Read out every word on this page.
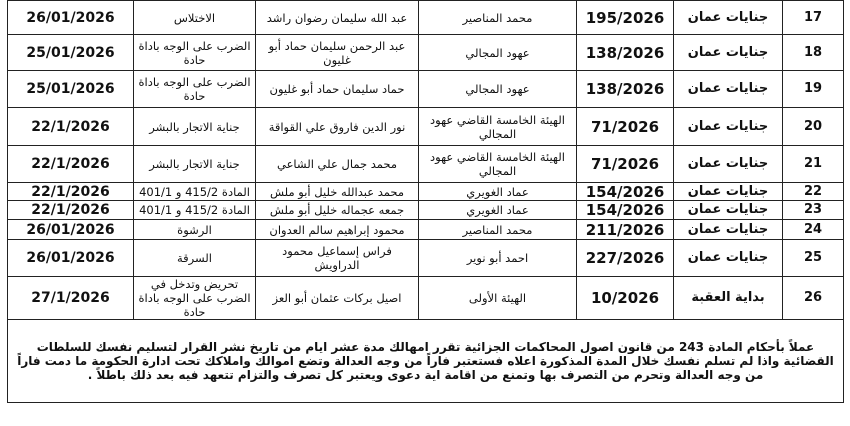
17	جنايات عمان	195/2026	محمد المناصير	عبد الله سليمان رضوان راشد	الاختلاس	26/01/2026
18	جنايات عمان	138/2026	عهود المجالي	عبد الرحمن سليمان حماد أبو غليون	الضرب على الوجه باداة حادة	25/01/2026
19	جنايات عمان	138/2026	عهود المجالي	حماد سليمان حماد أبو غليون	الضرب على الوجه باداة حادة	25/01/2026
20	جنايات عمان	71/2026	الهيئة الخامسة القاضي عهود المجالي	نور الدين فاروق علي القواقة	جناية الاتجار بالبشر	22/1/2026
21	جنايات عمان	71/2026	الهيئة الخامسة القاضي عهود المجالي	محمد جمال علي الشاعي	جناية الاتجار بالبشر	22/1/2026
22	جنايات عمان	154/2026	عماد الغويري	محمد عبدالله خليل أبو ملش	المادة 415/2 و 401/1	22/1/2026
23	جنايات عمان	154/2026	عماد الغويري	جمعه عجماله خليل أبو ملش	المادة 415/2 و 401/1	22/1/2026
24	جنايات عمان	211/2026	محمد المناصير	محمود إبراهيم سالم العدوان	الرشوة	26/01/2026
25	جنايات عمان	227/2026	احمد أبو نوير	فراس إسماعيل محمود الدراويش	السرقة	26/01/2026
26	بداية العقبة	10/2026	الهيئة الأولى	اصيل بركات عثمان أبو العز	تحريض وتدخل في الضرب على الوجه باداة حادة	27/1/2026
عملاً بأحكام المادة 243 من قانون اصول المحاكمات الجزائية تقرر امهالك مدة عشر ايام من تاريخ نشر القرار لتسليم نفسك للسلطات القضائية واذا لم تسلم نفسك خلال المدة المذكورة اعلاه فستعتبر فاراً من وجه العدالة وتضع اموالك واملاكك تحت ادارة الحكومة ما دمت فاراً من وجه العدالة وتحرم من التصرف بها وتمنع من اقامة اية دعوى ويعتبر كل تصرف والتزام تتعهد فيه بعد ذلك باطلاً .						
